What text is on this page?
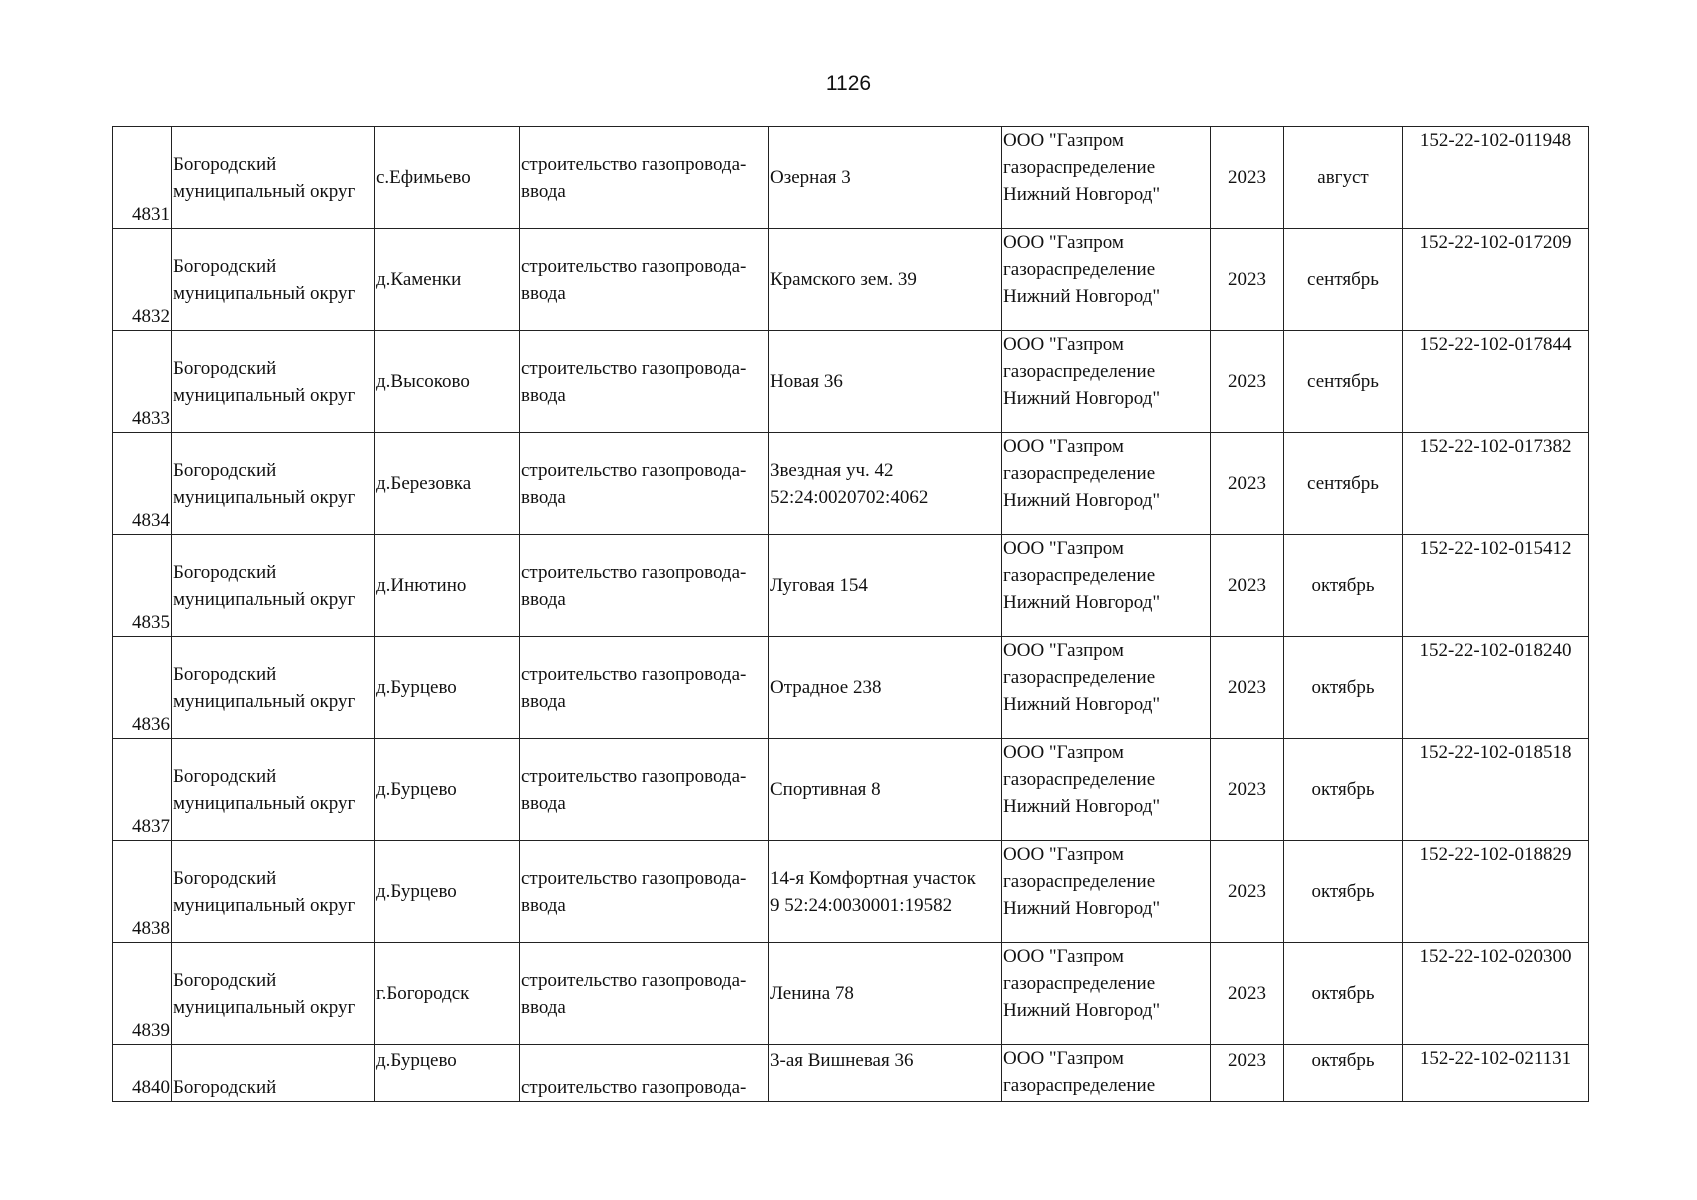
1126
4831	Богородский
муниципальный округ	с.Ефимьево	строительство газопровода-
ввода	Озерная 3	ООО "Газпром
газораспределение
Нижний Новгород"	2023	август	152-22-102-011948
4832	Богородский
муниципальный округ	д.Каменки	строительство газопровода-
ввода	Крамского зем. 39	ООО "Газпром
газораспределение
Нижний Новгород"	2023	сентябрь	152-22-102-017209
4833	Богородский
муниципальный округ	д.Высоково	строительство газопровода-
ввода	Новая 36	ООО "Газпром
газораспределение
Нижний Новгород"	2023	сентябрь	152-22-102-017844
4834	Богородский
муниципальный округ	д.Березовка	строительство газопровода-
ввода	Звездная уч. 42
52:24:0020702:4062	ООО "Газпром
газораспределение
Нижний Новгород"	2023	сентябрь	152-22-102-017382
4835	Богородский
муниципальный округ	д.Инютино	строительство газопровода-
ввода	Луговая 154	ООО "Газпром
газораспределение
Нижний Новгород"	2023	октябрь	152-22-102-015412
4836	Богородский
муниципальный округ	д.Бурцево	строительство газопровода-
ввода	Отрадное 238	ООО "Газпром
газораспределение
Нижний Новгород"	2023	октябрь	152-22-102-018240
4837	Богородский
муниципальный округ	д.Бурцево	строительство газопровода-
ввода	Спортивная 8	ООО "Газпром
газораспределение
Нижний Новгород"	2023	октябрь	152-22-102-018518
4838	Богородский
муниципальный округ	д.Бурцево	строительство газопровода-
ввода	14-я Комфортная участок
9 52:24:0030001:19582	ООО "Газпром
газораспределение
Нижний Новгород"	2023	октябрь	152-22-102-018829
4839	Богородский
муниципальный округ	г.Богородск	строительство газопровода-
ввода	Ленина 78	ООО "Газпром
газораспределение
Нижний Новгород"	2023	октябрь	152-22-102-020300
4840	Богородский	д.Бурцево	строительство газопровода-	3-ая Вишневая 36	ООО "Газпром
газораспределение	2023	октябрь	152-22-102-021131
